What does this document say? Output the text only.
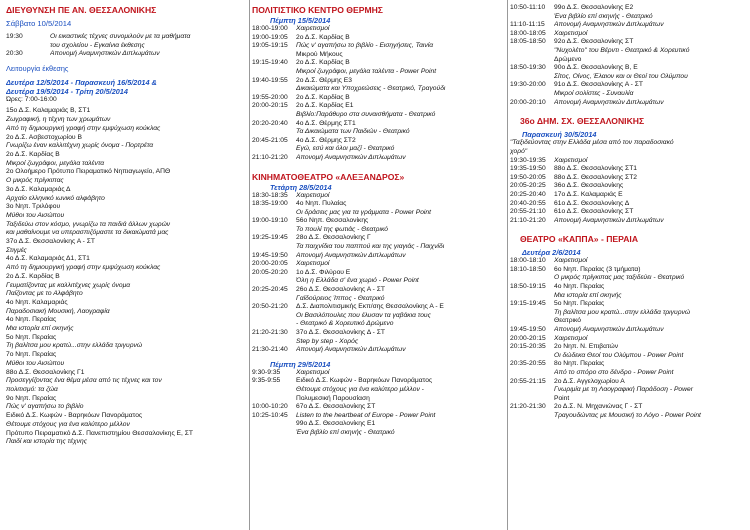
ΔΙΕΥΘΥΝΣΗ ΠΕ ΑΝ. ΘΕΣΣΑΛΟΝΙΚΗΣ
Σάββατο 10/5/2014
19:30	Οι εικαστικές τέχνες συνομιλούν με τα μαθήματα
του σχολείου - Εγκαίνια έκθεσης
20:30	Απονομή Αναμνηστικών Διπλωμάτων
Λειτουργία έκθεσης
Δευτέρα 12/5/2014 - Παρασκευή 16/5/2014 &
Δευτέρα 19/5/2014 - Τρίτη 20/5/2014
Ώρες: 7:00-16:00
15ο Δ.Σ. Καλαμαριάς Β, ΣΤ1
Ζωγραφική, η τέχνη των χρωμάτων
Από τη δημιουργική γραφή στην εμψύχωση κούκλας
2ο Δ.Σ. Ασβεστοχωρίου Β
Γνωρίζω έναν καλλιτέχνη χωρίς όνομα - Πορτρέτα
2ο Δ.Σ. Καρδίας Β
Μικροί ζωγράφοι, μεγάλα ταλέντα
2ο Ολοήμερο Πρότυπο Πειραματικό Νηπιαγωγείο, ΑΠΘ
Ο μικρός πρίγκιπας
3ο Δ.Σ. Καλαμαριάς Δ
Αρχαίο ελληνικό ιωνικό αλφάβητο
3ο Νηπ. Τριλόφου
Μύθοι του Αισώπου
Ταξιδεύω στον κόσμο, γνωρίζω τα παιδιά άλλων χωρών
και μαθαίνουμε να υπερασπιζόμαστε τα δικαιώματά μας
37ο Δ.Σ. Θεσσαλονίκης Α - ΣΤ
Στιγμές
4ο Δ.Σ. Καλαμαριάς Δ1, ΣΤ1
Από τη δημιουργική γραφή στην εμψύχωση κούκλας
2ο Δ.Σ. Καρδίας Β
Γευματίζοντας με καλλιτέχνες χωρίς όνομα
Παίζοντας με το Αλφάβητο
4ο Νηπ. Καλαμαριάς
Παραδοσιακή Μουσική, Λαογραφία
4ο Νηπ. Περαίας
Μια ιστορία επί σκηνής
5ο Νηπ. Περαίας
Τη βαλίτσα μου κρατώ...στην ελλάδα τριγυρνώ
7ο Νηπ. Περαίας
Μύθοι του Αισώπου
88ο Δ.Σ. Θεσσαλονίκης Γ1
Προσεγγίζοντας ένα θέμα μέσα από τις τέχνες και τον
πολιτισμό: τα ζώα
9ο Νηπ. Περαίας
Πώς ν' αγαπήσω το βιβλίο
Ειδικό Δ.Σ. Κωφών - Βαρηκόων Πανοράματος
Θέτουμε στόχους για ένα καλύτερο μέλλον
Πρότυπο Πειραματικό Δ.Σ. Πανεπιστημίου Θεσσαλονίκης Ε, ΣΤ
Παιδί και ιστορία της τέχνης
ΠΟΛΙΤΙΣΤΙΚΟ ΚΕΝΤΡΟ ΘΕΡΜΗΣ
Πέμπτη 15/5/2014
18:00-19:00	Χαιρετισμοί
19:00-19:05	2ο Δ.Σ. Καρδίας Β
19:05-19:15	Πώς ν' αγαπήσω το βιβλίο - Εισηγήσεις, Ταινία
Μικρού Μήκους
19:15-19:40	2ο Δ.Σ. Καρδίας Β
Μικροί ζωγράφοι, μεγάλα ταλέντα - Power Point
19:40-19:55	2ο Δ.Σ. Θέρμης Ε3
Δικαιώματα και Υποχρεώσεις - Θεατρικό, Τραγούδι
19:55-20:00	2ο Δ.Σ. Καρδίας Β
20:00-20:15	2ο Δ.Σ. Καρδίας Ε1
Βιβλίο:Παράθυρο στα συναισθήματα - Θεατρικό
20:20-20:40	4ο Δ.Σ. Θέρμης ΣΤ1
Τα Δικαιώματα των Παιδιών - Θεατρικό
20:45-21:05	4ο Δ.Σ. Θέρμης ΣΤ2
Εγώ, εσύ και όλοι μαζί - Θεατρικό
21:10-21:20	Απονομή Αναμνηστικών Διπλωμάτων
ΚΙΝΗΜΑΤΟΘΕΑΤΡΟ «ΑΛΕΞΑΝΔΡΟΣ»
Τετάρτη 28/5/2014
18:30-18:35	Χαιρετισμοί
18:35-19:00	4ο Νηπ. Πυλαίας
Οι δράσεις μας για τα γράμματα - Power Point
19:00-19:10	56ο Νηπ. Θεσσαλονίκης
Το πουλί της φωτιάς - Θεατρικό
19:25-19:45	28ο Δ.Σ. Θεσσαλονίκης Γ
Τα παιχνίδια του παππού και της γιαγιάς - Παιχνίδι
19:45-19:50	Απονομή Αναμνηστικών Διπλωμάτων
20:00-20:05	Χαιρετισμοί
20:05-20:20	1ο Δ.Σ. Φιλύρου Ε
Όλη η Ελλάδα σ' ένα χωριό - Power Point
20:25-20:45	26ο Δ.Σ. Θεσσαλονίκης Α - ΣΤ
Γαϊδούρειος Ίππος - Θεατρικό
20:50-21:20	Δ.Σ. Διαπολιτισμικής Εκπ/σης Θεσσαλονίκης Α - Ε
Οι Βασιλόπουλες που έλυσαν τα γαβάκια τους
- Θεατρικό & Χορευτικό Δρώμενο
21:20-21:30	37ο Δ.Σ. Θεσσαλονίκης Δ - ΣΤ
Step by step - Χορός
21:30-21:40	Απονομή Αναμνηστικών Διπλωμάτων
Πέμπτη 29/5/2014
9:30-9:35	Χαιρετισμοί
9:35-9:55	Ειδικό Δ.Σ. Κωφών - Βαρηκόων Πανοράματος
Θέτουμε στόχους για ένα καλύτερο μέλλον -
Πολυμεσική Παρουσίαση
10:00-10:20	67ο Δ.Σ. Θεσσαλονίκης ΣΤ
10:25-10:45	Listen to the heartbeat of Europe - Power Point
99ο Δ.Σ. Θεσσαλονίκης Ε1
Ένα βιβλίο επί σκηνής - Θεατρικό
10:50-11:10	99ο Δ.Σ. Θεσσαλονίκης Ε2
Ένα βιβλίο επί σκηνής - Θεατρικό
11:10-11:15	Απονομή Αναμνηστικών Διπλωμάτων
18:00-18:05	Χαιρετισμοί
18:05-18:50	92ο Δ.Σ. Θεσσαλονίκης ΣΤ
"Νυχολέτο" του Βέρντι - Θεατρικό & Χορευτικό
Δρώμενο
18:50-19:30	90ο Δ.Σ. Θεσσαλονίκης Β, Ε
Σίτος, Οίνος, Έλαιον και οι Θεοί του Ολύμπου
19:30-20:00	91ο Δ.Σ. Θεσσαλονίκης Α - ΣΤ
Μικροί σολίστες - Συναυλία
20:00-20:10	Απονομή Αναμνηστικών Διπλωμάτων
36ο ΔΗΜ. ΣΧ. ΘΕΣΣΑΛΟΝΙΚΗΣ
Παρασκευή 30/5/2014
"Ταξιδεύοντας στην Ελλάδα μέσα από τον παραδοσιακό
χορό"
19:30-19:35	Χαιρετισμοί
19:35-19:50	88ο Δ.Σ. Θεσσαλονίκης ΣΤ1
19:50-20:05	88ο Δ.Σ. Θεσσαλονίκης ΣΤ2
20:05-20:25	36ο Δ.Σ. Θεσσαλονίκης
20:25-20:40	17ο Δ.Σ. Καλαμαριάς Ε
20:40-20:55	61ο Δ.Σ. Θεσσαλονίκης Δ
20:55-21:10	61ο Δ.Σ. Θεσσαλονίκης ΣΤ
21:10-21:20	Απονομή Αναμνηστικών Διπλωμάτων
ΘΕΑΤΡΟ «ΚΑΠΠΑ» - ΠΕΡΑΙΑ
Δευτέρα 2/6/2014
18:00-18:10	Χαιρετισμοί
18:10-18:50	6ο Νηπ. Περαίας (3 τμήματα)
Ο μικρός πρίγκιπας μας ταξιδεύει - Θεατρικό
18:50-19:15	4ο Νηπ. Περαίας
Μια ιστορία επί σκηνής
19:15-19:45	5ο Νηπ. Περαίας
Τη βαλίτσα μου κρατώ...στην ελλάδα τριγυρνώ
Θεατρικό
19:45-19:50	Απονομή Αναμνηστικών Διπλωμάτων
20:00-20:15	Χαιρετισμοί
20:15-20:35	2ο Νηπ. Ν. Επιβατών
Οι δώδεκα Θεοί του Ολύμπου - Power Point
20:35-20:55	8ο Νηπ. Περαίας
Από το σπόρο στο δένδρο - Power Point
20:55-21:15	2ο Δ.Σ. Αγγελοχωρίου Α
Γνωριμία με τη Λαογραφική Παράδοση - Power
Point
21:20-21:30	2ο Δ.Σ. Ν. Μηχανιώνας Γ - ΣΤ
Τραγουδώντας με Μουσική το Λόγο - Power Point
